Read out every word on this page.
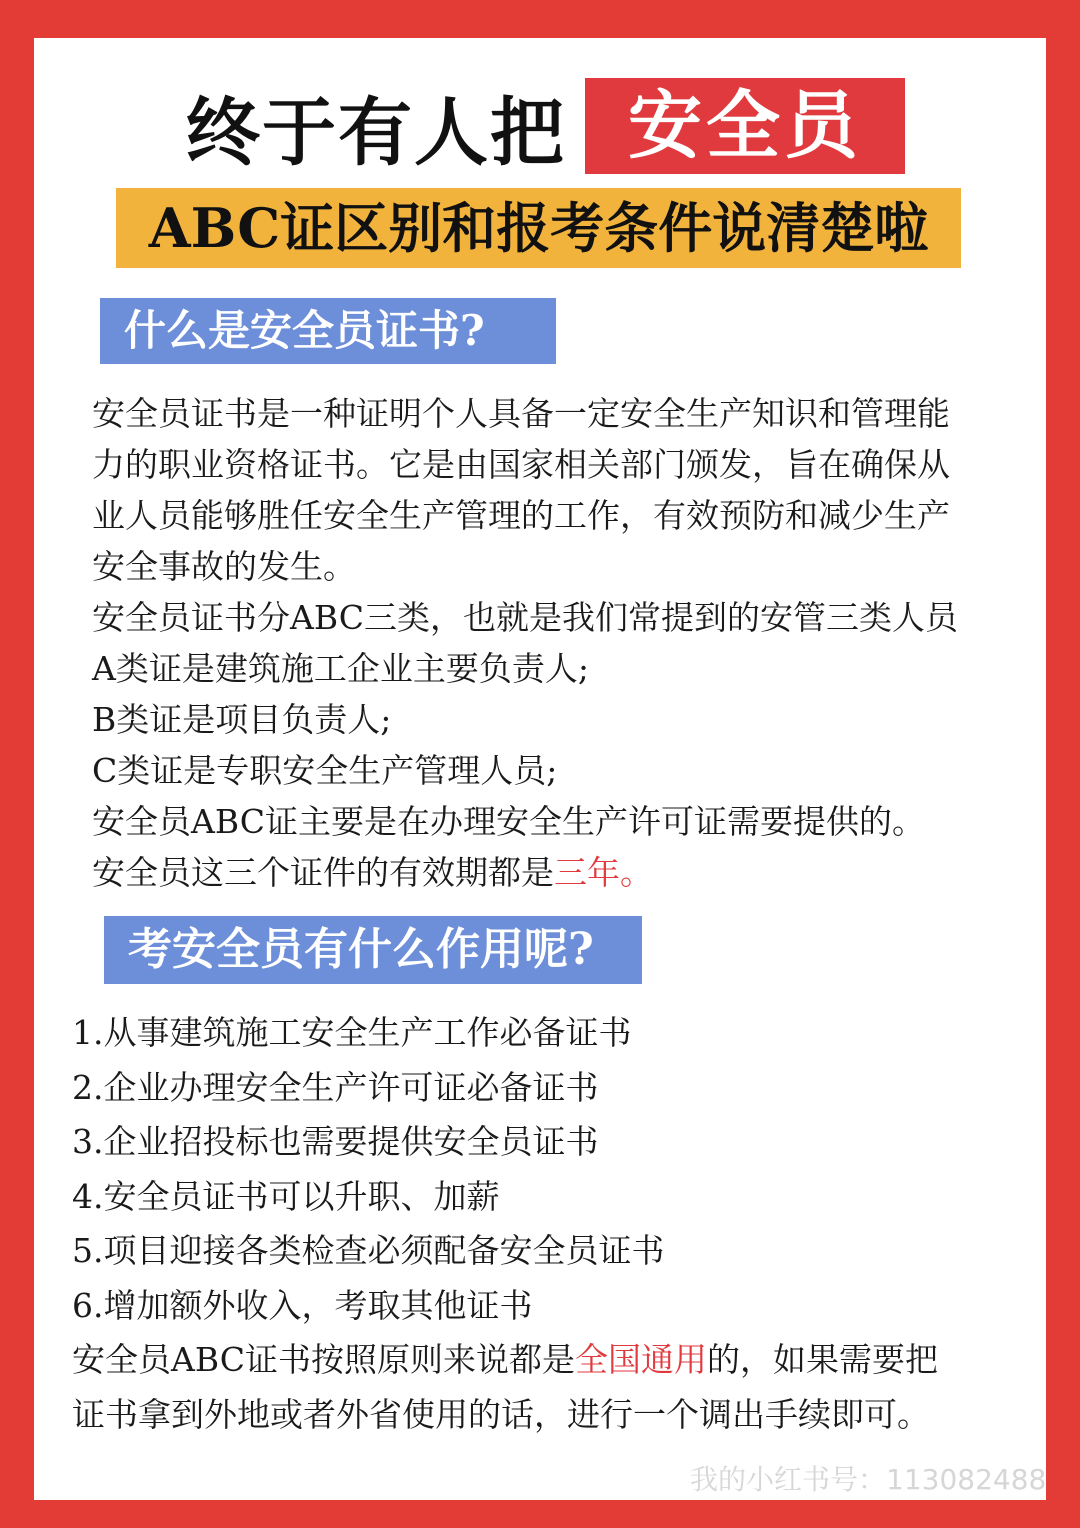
终于有人把 安全员
ABC证区别和报考条件说清楚啦
什么是安全员证书?
安全员证书是一种证明个人具备一定安全生产知识和管理能
力的职业资格证书。它是由国家相关部门颁发，旨在确保从
业人员能够胜任安全生产管理的工作，有效预防和减少生产
安全事故的发生。
安全员证书分ABC三类，也就是我们常提到的安管三类人员
A类证是建筑施工企业主要负责人;
B类证是项目负责人;
C类证是专职安全生产管理人员;
安全员ABC证主要是在办理安全生产许可证需要提供的。
安全员这三个证件的有效期都是三年。
考安全员有什么作用呢?
1.从事建筑施工安全生产工作必备证书
2.企业办理安全生产许可证必备证书
3.企业招投标也需要提供安全员证书
4.安全员证书可以升职、加薪
5.项目迎接各类检查必须配备安全员证书
6.增加额外收入，考取其他证书
安全员ABC证书按照原则来说都是全国通用的，如果需要把
证书拿到外地或者外省使用的话，进行一个调出手续即可。
我的小红书号：113082488
